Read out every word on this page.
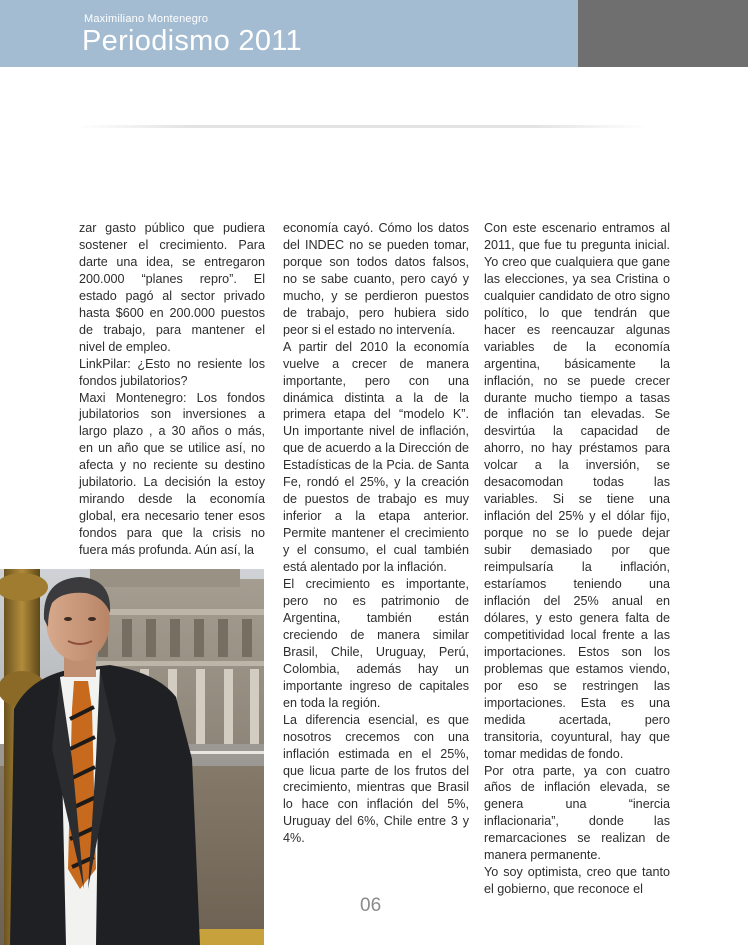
Maximiliano Montenegro
Periodismo 2011

zar gasto público que pudiera sostener el crecimiento. Para darte una idea, se entregaron 200.000 “planes repro”. El estado pagó al sector privado hasta $600 en 200.000 puestos de trabajo, para mantener el nivel de empleo.

LinkPilar: ¿Esto no resiente los fondos jubilatorios?

Maxi Montenegro: Los fondos jubilatorios son inversiones a largo plazo , a 30 años o más, en un año que se utilice así, no afecta y no reciente su destino jubilatorio. La decisión la estoy mirando desde la economía global, era necesario tener esos fondos para que la crisis no fuera más profunda. Aún así, la

economía cayó. Cómo los datos del INDEC no se pueden tomar, porque son todos datos falsos, no se sabe cuanto, pero cayó y mucho, y se perdieron puestos de trabajo, pero hubiera sido peor si el estado no intervenía.

A partir del 2010 la economía vuelve a crecer de manera importante, pero con una dinámica distinta a la de la primera etapa del “modelo K”. Un importante nivel de inflación, que de acuerdo a la Dirección de Estadísticas de la Pcia. de Santa Fe, rondó el 25%, y la creación de puestos de trabajo es muy inferior a la etapa anterior. Permite mantener el crecimiento y el consumo, el cual también está alentado por la inflación.

El crecimiento es importante, pero no es patrimonio de Argentina, también están creciendo de manera similar Brasil, Chile, Uruguay, Perú, Colombia, además hay un importante ingreso de capitales en toda la región.

La diferencia esencial, es que nosotros crecemos con una inflación estimada en el 25%, que licua parte de los frutos del crecimiento, mientras que Brasil lo hace con inflación del 5%, Uruguay del 6%, Chile entre 3 y 4%.

Con este escenario entramos al 2011, que fue tu pregunta inicial. Yo creo que cualquiera que gane las elecciones, ya sea Cristina o cualquier candidato de otro signo político, lo que tendrán que hacer es reencauzar algunas variables de la economía argentina, básicamente la inflación, no se puede crecer durante mucho tiempo a tasas de inflación tan elevadas. Se desvirtúa la capacidad de ahorro, no hay préstamos para volcar a la inversión, se desacomodan todas las variables. Si se tiene una inflación del 25% y el dólar fijo, porque no se lo puede dejar subir demasiado por que reimpulsaría la inflación, estaríamos teniendo una inflación del 25% anual en dólares, y esto genera falta de competitividad local frente a las importaciones. Estos son los problemas que estamos viendo, por eso se restringen las importaciones. Esta es una medida acertada, pero transitoria, coyuntural, hay que tomar medidas de fondo.

Por otra parte, ya con cuatro años de inflación elevada, se genera una “inercia inflacionaria”, donde las remarcaciones se realizan de manera permanente.

Yo soy optimista, creo que tanto el gobierno, que reconoce el

06
